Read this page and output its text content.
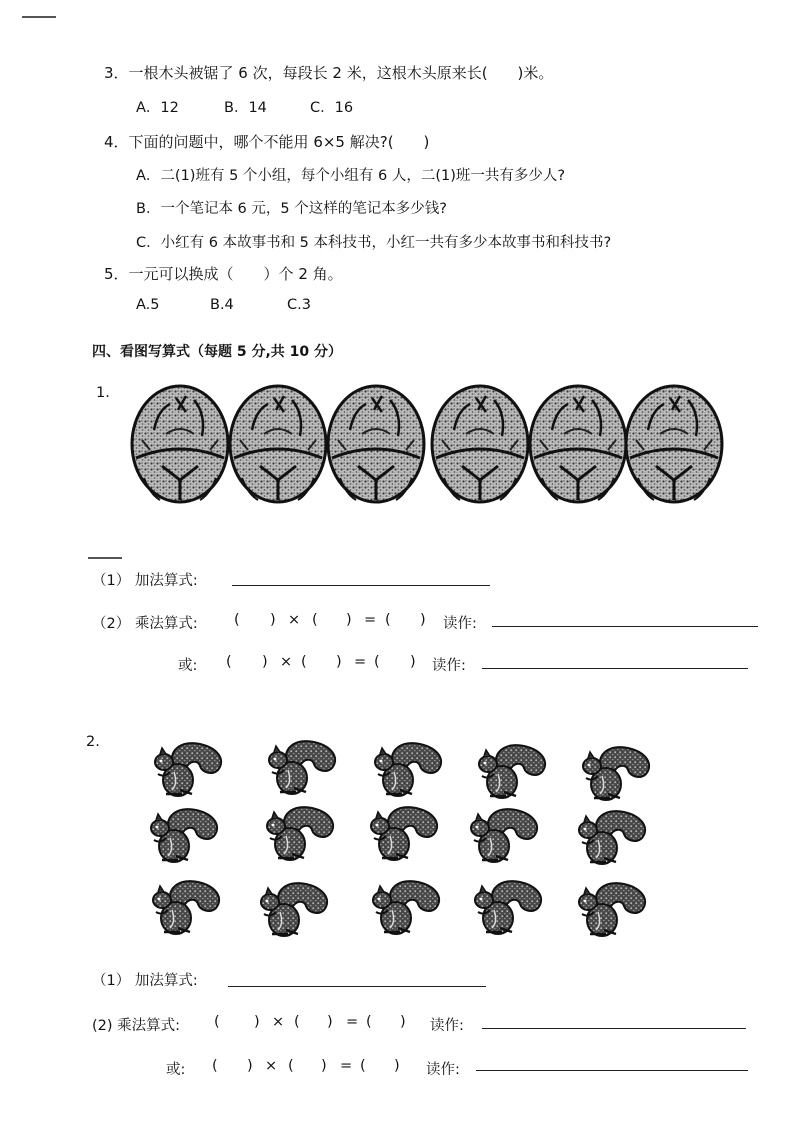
3．一根木头被锯了 6 次，每段长 2 米，这根木头原来长(　　)米。
A．12	B．14	C．16
4．下面的问题中，哪个不能用 6×5 解决?(　　)
A．二(1)班有 5 个小组，每个小组有 6 人，二(1)班一共有多少人?
B．一个笔记本 6 元，5 个这样的笔记本多少钱?
C．小红有 6 本故事书和 5 本科技书，小红一共有多少本故事书和科技书?
5．一元可以换成（　　）个 2 角。
A.5	B.4	C.3
四、看图写算式（每题 5 分,共 10 分）
1.
（1） 加法算式:
（2） 乘法算式:	( ) × ( ) = ( ) 读作:
或: ( ) × ( ) = ( ) 读作:
2.
（1） 加法算式:
(2) 乘法算式: ( ) × ( ) = ( ) 读作:
或: ( ) × ( ) = ( ) 读作:
